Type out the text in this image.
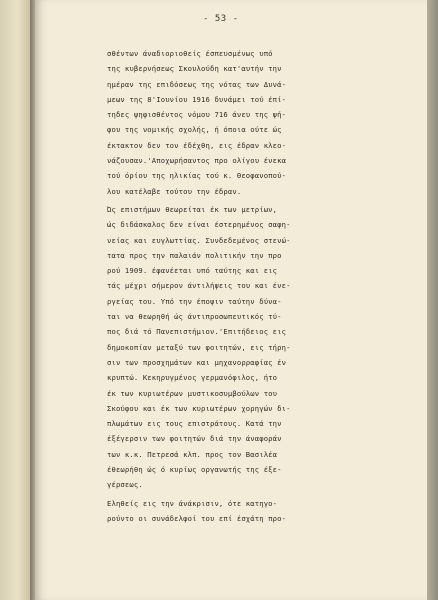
- 53 -
σθέντων άναδιοριοθείς έσπευσμένως υπό
της κυβερνήσεως Σκουλούδη κατ'αυτήν την
ημέραν της επιδόσεως της νότας των Δυνά-
μεων της 8'Ιουνίου 1916 δυνάμει τού έπί-
τηδες ψηφισθέντος νόμου 716 άνευ της ψή-
φου της νομικής σχολής, ή όποια ούτε ώς
έκτακτον δεν τον έδέχθη, εις έδραν κλεο-
νάζουσαν.'Αποχωρήσαντος προ ολίγου ένεκα
τού όρίου της ηλικίας τού κ. Θεοφανοπού-
λου κατέλαβε τούτου την έδραν.
Ώς επιστήμων θεωρείται έκ των μετρίων,
ώς διδάσκαλος δεν είναι έστερημένος σαφη-
νείας και ευγλωττίας. Συνδεδεμένος στενώ-
τατα προς την παλαιάν πολιτικήν την προ
ρού 1909. έφανέεται υπό ταύτης και εις
τάς μέχρι σήμερον άντιλήψεις του και ένε-
ργείας του. Υπό την έποψιν ταύτην δύνα-
ται να θεωρηθή ώς άντιπροσωπευτικός τύ-
πος διά τό Πανεπιστήμιον.'Επιτήδειος εις
δημοκοπίαν μεταξύ των φοιτητών, εις τήρη-
σιν των προσχημάτων και μηχανορραφίας έν
κρυπτώ. Κεκηρυγμένος γερμανόφιλος, ήτο
έκ των κυριωτέρων μυστικοσυμβούλων του
Σκούφου και έκ των κυριωτέρων χορηγών δι-
πλωμάτων εις τους επιστράτους. Κατά την
έξέγερσιν των φοιτητών διά την άναφοράν
των κ.κ. Πετρεσά κλπ. προς τον Βασιλέα
έθεωρήθη ώς ό κυρίως οργανωτής της έξε-
γέρσεως.
Εληθείς εις την άνάκρισιν, ότε κατηγο-
ρούντο οι συνάδελφοί του επί έσχάτη προ-
